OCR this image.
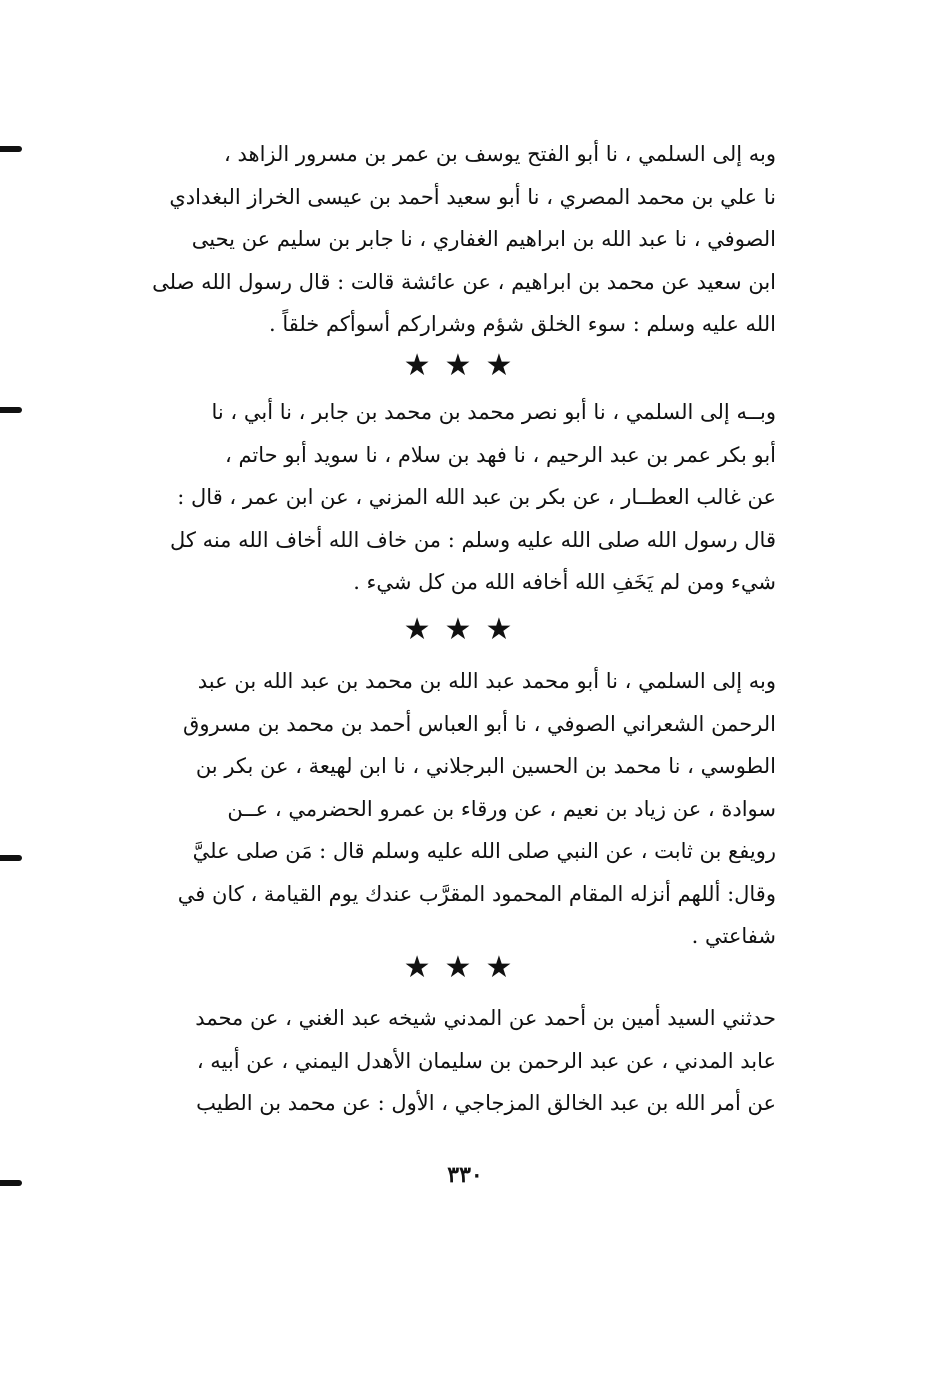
وبه إلى السلمي ، نا أبو الفتح يوسف بن عمر بن مسرور الزاهد ،
نا علي بن محمد المصري ، نا أبو سعيد أحمد بن عيسى الخراز البغدادي
الصوفي ، نا عبد الله بن ابراهيم الغفاري ، نا جابر بن سليم عن يحيى
ابن سعيد عن محمد بن ابراهيم ، عن عائشة قالت : قال رسول الله صلى
الله عليه وسلم : سوء الخلق شؤم وشراركم أسوأكم خلقاً .
★★★
وبــه إلى السلمي ، نا أبو نصر محمد بن محمد بن جابر ، نا أبي ، نا
أبو بكر عمر بن عبد الرحيم ، نا فهد بن سلام ، نا سويد أبو حاتم ،
عن غالب العطــار ، عن بكر بن عبد الله المزني ، عن ابن عمر ، قال :
قال رسول الله صلى الله عليه وسلم : من خاف الله أخاف الله منه كل
شيء ومن لم يَخَفِ الله أخافه الله من كل شيء .
★★★
وبه إلى السلمي ، نا أبو محمد عبد الله بن محمد بن عبد الله بن عبد
الرحمن الشعراني الصوفي ، نا أبو العباس أحمد بن محمد بن مسروق
الطوسي ، نا محمد بن الحسين البرجلاني ، نا ابن لهيعة ، عن بكر بن
سوادة ، عن زياد بن نعيم ، عن ورقاء بن عمرو الحضرمي ، عــن
رويفع بن ثابت ، عن النبي صلى الله عليه وسلم قال : مَن صلى عليَّ
وقال: أللهم أنزله المقام المحمود المقرَّب عندك يوم القيامة ، كان في
شفاعتي .
★★★
حدثني السيد أمين بن أحمد عن المدني شيخه عبد الغني ، عن محمد
عابد المدني ، عن عبد الرحمن بن سليمان الأهدل اليمني ، عن أبيه ،
عن أمر الله بن عبد الخالق المزجاجي ، الأول : عن محمد بن الطيب
٣٣٠
